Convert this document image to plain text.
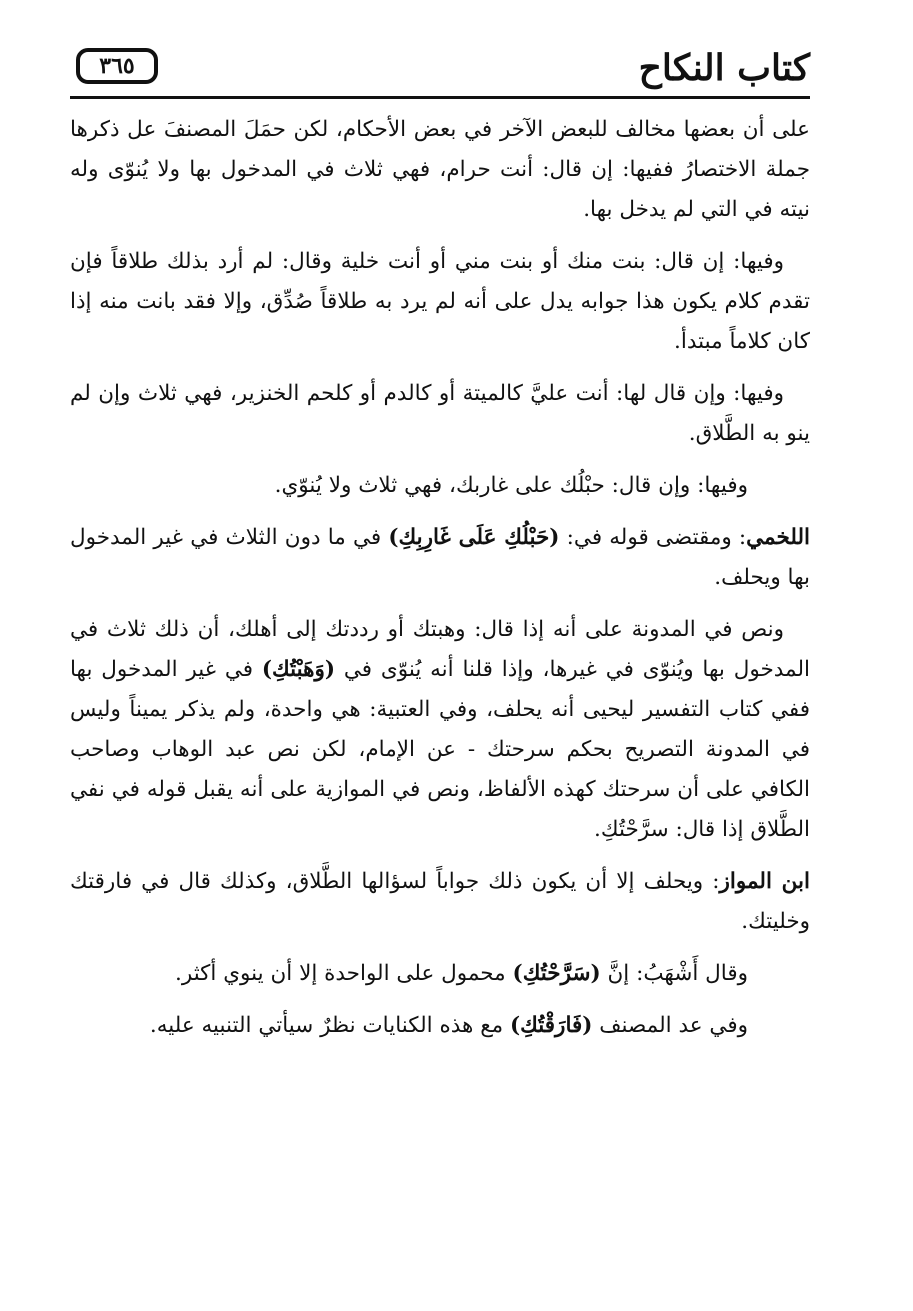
كتاب النكاح
٣٦٥

على أن بعضها مخالف للبعض الآخر في بعض الأحكام، لكن حمَلَ المصنفَ عل ذكرها جملة الاختصارُ ففيها: إن قال: أنت حرام، فهي ثلاث في المدخول بها ولا يُنوّى وله نيته في التي لم يدخل بها.

وفيها: إن قال: بنت منك أو بنت مني أو أنت خلية وقال: لم أرد بذلك طلاقاً فإن تقدم كلام يكون هذا جوابه يدل على أنه لم يرد به طلاقاً صُدِّق، وإلا فقد بانت منه إذا كان كلاماً مبتدأ.

وفيها: وإن قال لها: أنت عليَّ كالميتة أو كالدم أو كلحم الخنزير، فهي ثلاث وإن لم ينو به الطَّلاق.

وفيها: وإن قال: حبْلُك على غاربك، فهي ثلاث ولا يُنوّي.

اللخمي: ومقتضى قوله في: (حَبْلُكِ عَلَى غَارِبِكِ) في ما دون الثلاث في غير المدخول بها ويحلف.

ونص في المدونة على أنه إذا قال: وهبتك أو رددتك إلى أهلك، أن ذلك ثلاث في المدخول بها ويُنوّى في غيرها، وإذا قلنا أنه يُنوّى في (وَهَبْتُكِ) في غير المدخول بها ففي كتاب التفسير ليحيى أنه يحلف، وفي العتبية: هي واحدة، ولم يذكر يميناً وليس في المدونة التصريح بحكم سرحتك - عن الإمام، لكن نص عبد الوهاب وصاحب الكافي على أن سرحتك كهذه الألفاظ، ونص في الموازية على أنه يقبل قوله في نفي الطَّلاق إذا قال: سرَّحْتُكِ.

ابن المواز: ويحلف إلا أن يكون ذلك جواباً لسؤالها الطَّلاق، وكذلك قال في فارقتك وخليتك.

وقال أَشْهَبُ: إنَّ (سَرَّحْتُكِ) محمول على الواحدة إلا أن ينوي أكثر.

وفي عد المصنف (فَارَقْتُكِ) مع هذه الكنايات نظرٌ سيأتي التنبيه عليه.
